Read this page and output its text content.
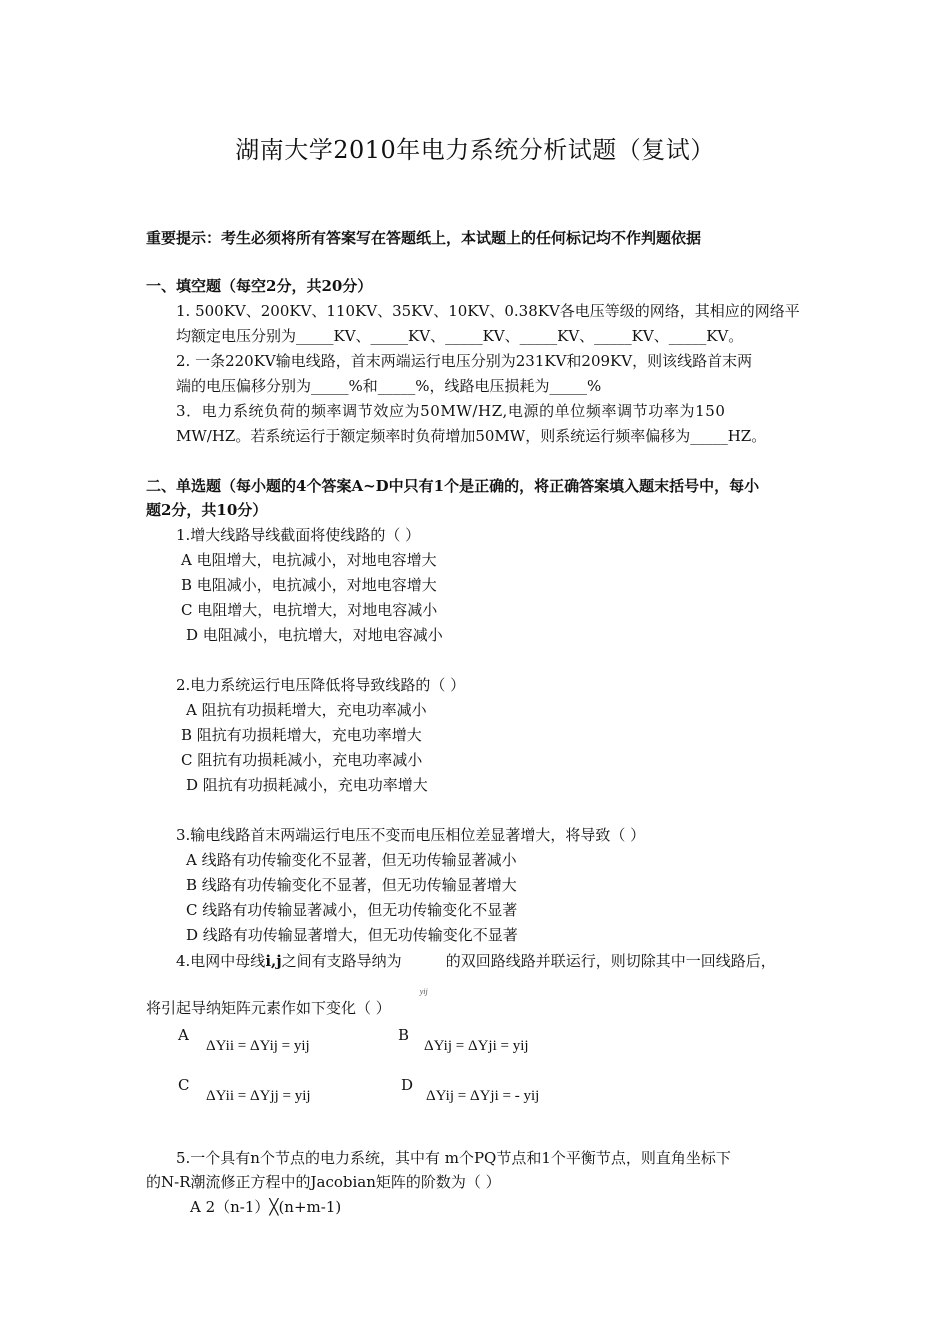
湖南大学2010年电力系统分析试题（复试）
重要提示：考生必须将所有答案写在答题纸上，本试题上的任何标记均不作判题依据
一、填空题（每空2分，共20分）
1. 500KV、200KV、110KV、35KV、10KV、0.38KV各电压等级的网络，其相应的网络平
均额定电压分别为_____KV、_____KV、_____KV、_____KV、_____KV、_____KV。
2. 一条220KV输电线路，首末两端运行电压分别为231KV和209KV，则该线路首末两
端的电压偏移分别为_____%和_____%，线路电压损耗为_____%
3．电力系统负荷的频率调节效应为50MW/HZ,电源的单位频率调节功率为150
MW/HZ。若系统运行于额定频率时负荷增加50MW，则系统运行频率偏移为_____HZ。
二、单选题（每小题的4个答案A~D中只有1个是正确的，将正确答案填入题末括号中，每小
题2分，共10分）
1.增大线路导线截面将使线路的（ ）
A 电阻增大，电抗减小，对地电容增大
B 电阻减小，电抗减小，对地电容增大
C 电阻增大，电抗增大，对地电容减小
D 电阻减小，电抗增大，对地电容减小
2.电力系统运行电压降低将导致线路的（ ）
A 阻抗有功损耗增大，充电功率减小
B 阻抗有功损耗增大，充电功率增大
C 阻抗有功损耗减小，充电功率减小
D 阻抗有功损耗减小，充电功率增大
3.输电线路首末两端运行电压不变而电压相位差显著增大，将导致（ ）
A 线路有功传输变化不显著，但无功传输显著减小
B 线路有功传输变化不显著，但无功传输显著增大
C 线路有功传输显著减小，但无功传输变化不显著
D 线路有功传输显著增大，但无功传输变化不显著
4.电网中母线i,j之间有支路导纳为
yij
的双回路线路并联运行，则切除其中一回线路后，
将引起导纳矩阵元素作如下变化（ ）
A
ΔYii = ΔYij = yij
B
ΔYij = ΔYji = yij
C
ΔYii = ΔYjj = yij
D
ΔYij = ΔYji = - yij
5.一个具有n个节点的电力系统，其中有 m个PQ节点和1个平衡节点，则直角坐标下
的N-R潮流修正方程中的Jacobian矩阵的阶数为（ ）
A 2（n-1）╳(n+m-1)
